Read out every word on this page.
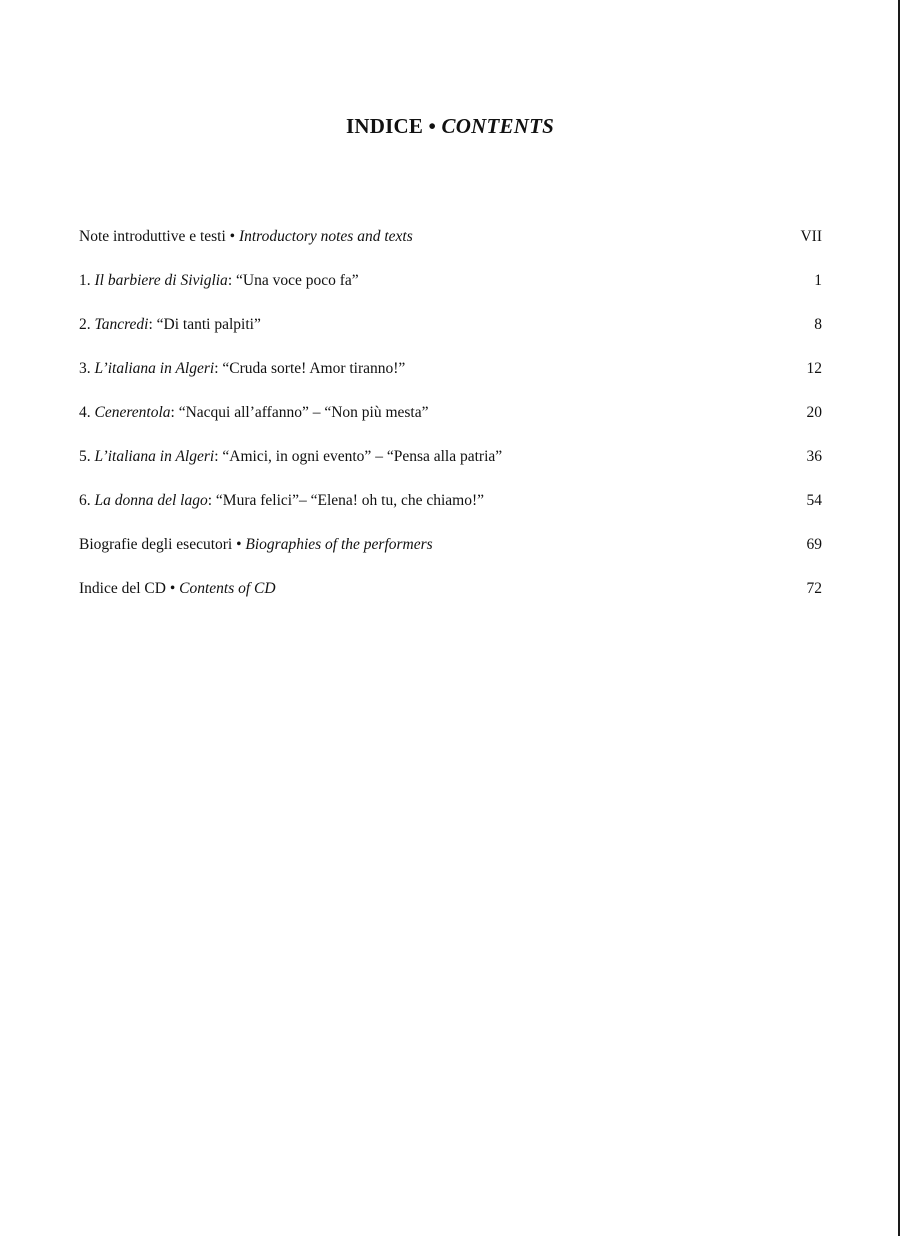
INDICE • CONTENTS
Note introduttive e testi • Introductory notes and texts	VII
1. Il barbiere di Siviglia: “Una voce poco fa”	1
2. Tancredi: “Di tanti palpiti”	8
3. L’italiana in Algeri: “Cruda sorte! Amor tiranno!”	12
4. Cenerentola: “Nacqui all’affanno” – “Non più mesta”	20
5. L’italiana in Algeri: “Amici, in ogni evento” – “Pensa alla patria”	36
6. La donna del lago: “Mura felici”– “Elena! oh tu, che chiamo!”	54
Biografie degli esecutori • Biographies of the performers	69
Indice del CD • Contents of CD	72
